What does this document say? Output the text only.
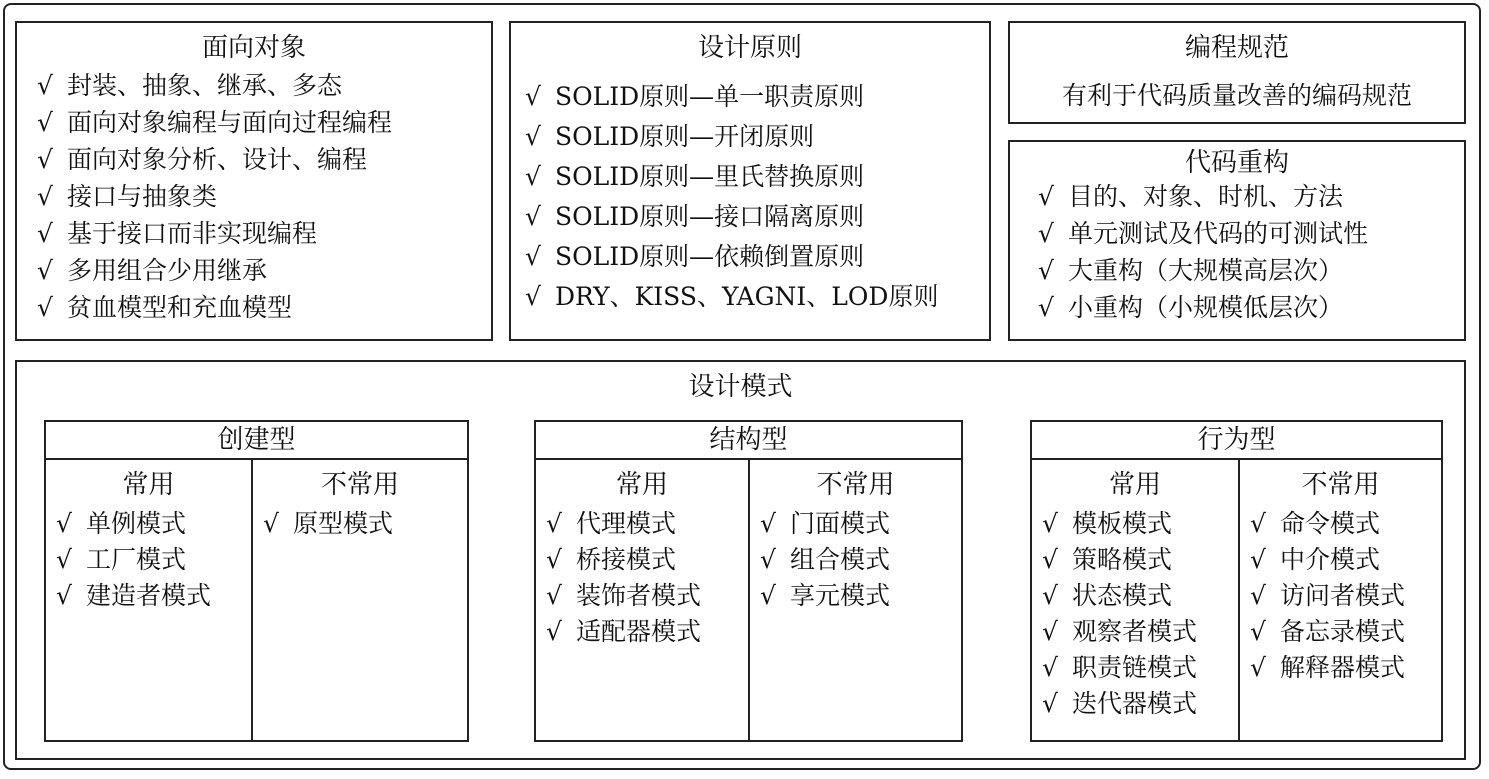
面向对象
√ 封装、抽象、继承、多态
√ 面向对象编程与面向过程编程
√ 面向对象分析、设计、编程
√ 接口与抽象类
√ 基于接口而非实现编程
√ 多用组合少用继承
√ 贫血模型和充血模型
设计原则
√ SOLID原则—单一职责原则
√ SOLID原则—开闭原则
√ SOLID原则—里氏替换原则
√ SOLID原则—接口隔离原则
√ SOLID原则—依赖倒置原则
√ DRY、KISS、YAGNI、LOD原则
编程规范
有利于代码质量改善的编码规范
代码重构
√ 目的、对象、时机、方法
√ 单元测试及代码的可测试性
√ 大重构（大规模高层次）
√ 小重构（小规模低层次）
设计模式
创建型
常用
√ 单例模式
√ 工厂模式
√ 建造者模式
不常用
√ 原型模式
结构型
常用
√ 代理模式
√ 桥接模式
√ 装饰者模式
√ 适配器模式
不常用
√ 门面模式
√ 组合模式
√ 享元模式
行为型
常用
√ 模板模式
√ 策略模式
√ 状态模式
√ 观察者模式
√ 职责链模式
√ 迭代器模式
不常用
√ 命令模式
√ 中介模式
√ 访问者模式
√ 备忘录模式
√ 解释器模式
